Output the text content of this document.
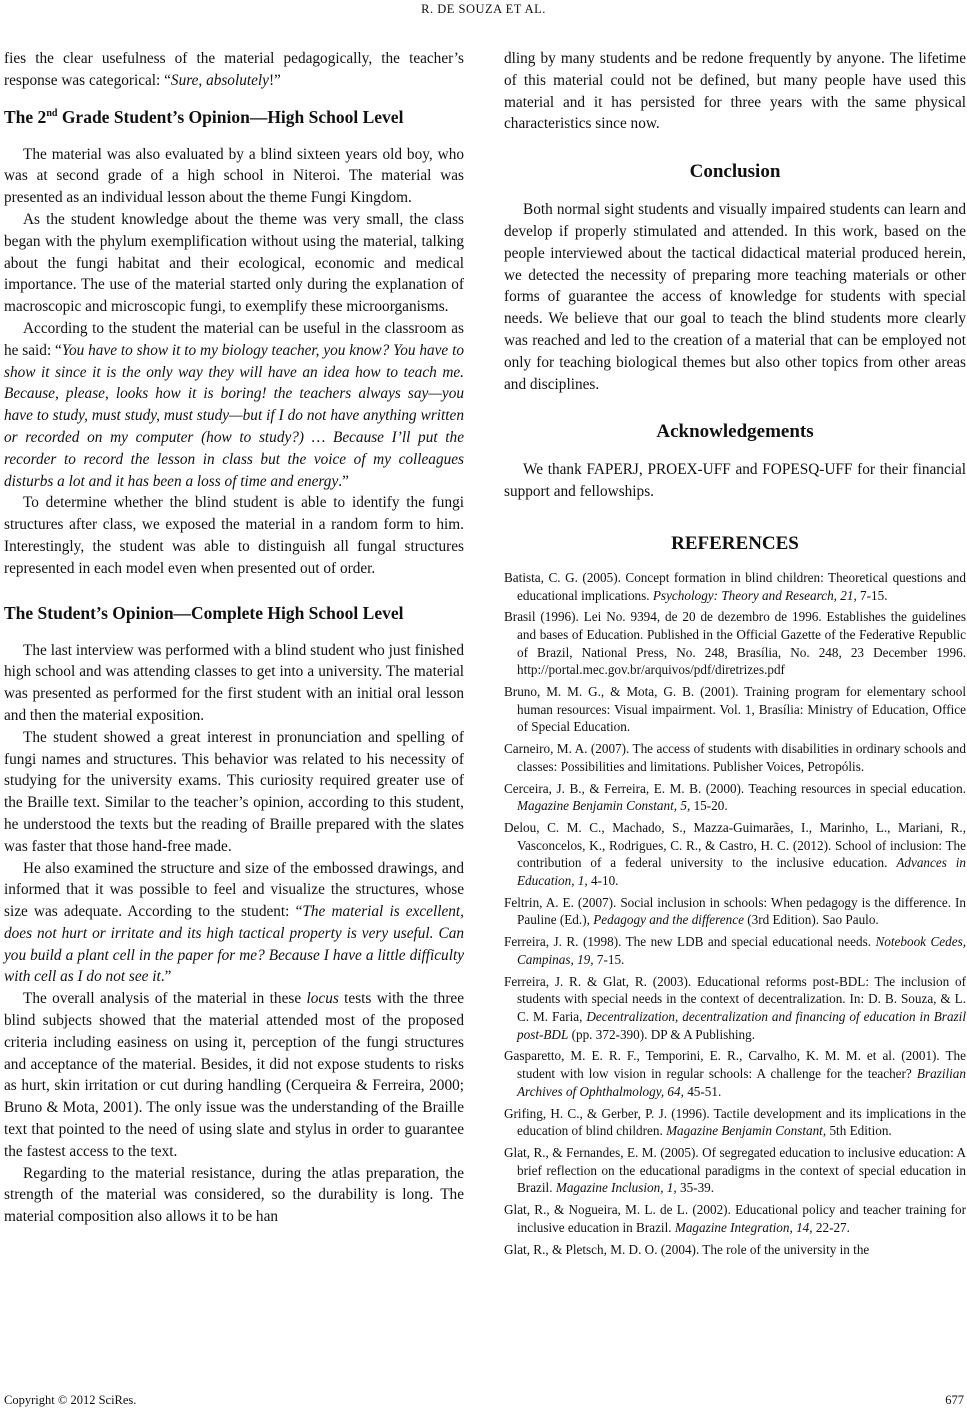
R. DE SOUZA ET AL.

fies the clear usefulness of the material pedagogically, the teacher’s response was categorical: “Sure, absolutely!”

The 2nd Grade Student’s Opinion—High School Level

The material was also evaluated by a blind sixteen years old boy, who was at second grade of a high school in Niteroi. The material was presented as an individual lesson about the theme Fungi Kingdom.

As the student knowledge about the theme was very small, the class began with the phylum exemplification without using the material, talking about the fungi habitat and their ecological, economic and medical importance. The use of the material started only during the explanation of macroscopic and microscopic fungi, to exemplify these microorganisms.

According to the student the material can be useful in the classroom as he said: “You have to show it to my biology teacher, you know? You have to show it since it is the only way they will have an idea how to teach me. Because, please, looks how it is boring! the teachers always say—you have to study, must study, must study—but if I do not have anything written or recorded on my computer (how to study?) … Because I’ll put the recorder to record the lesson in class but the voice of my colleagues disturbs a lot and it has been a loss of time and energy.”

To determine whether the blind student is able to identify the fungi structures after class, we exposed the material in a random form to him. Interestingly, the student was able to distinguish all fungal structures represented in each model even when presented out of order.

The Student’s Opinion—Complete High School Level

The last interview was performed with a blind student who just finished high school and was attending classes to get into a university. The material was presented as performed for the first student with an initial oral lesson and then the material exposition.

The student showed a great interest in pronunciation and spelling of fungi names and structures. This behavior was related to his necessity of studying for the university exams. This curiosity required greater use of the Braille text. Similar to the teacher’s opinion, according to this student, he understood the texts but the reading of Braille prepared with the slates was faster that those hand-free made.

He also examined the structure and size of the embossed drawings, and informed that it was possible to feel and visualize the structures, whose size was adequate. According to the student: “The material is excellent, does not hurt or irritate and its high tactical property is very useful. Can you build a plant cell in the paper for me? Because I have a little difficulty with cell as I do not see it.”

The overall analysis of the material in these locus tests with the three blind subjects showed that the material attended most of the proposed criteria including easiness on using it, perception of the fungi structures and acceptance of the material. Besides, it did not expose students to risks as hurt, skin irritation or cut during handling (Cerqueira & Ferreira, 2000; Bruno & Mota, 2001). The only issue was the understanding of the Braille text that pointed to the need of using slate and stylus in order to guarantee the fastest access to the text.

Regarding to the material resistance, during the atlas preparation, the strength of the material was considered, so the durability is long. The material composition also allows it to be han

dling by many students and be redone frequently by anyone. The lifetime of this material could not be defined, but many people have used this material and it has persisted for three years with the same physical characteristics since now.

Conclusion

Both normal sight students and visually impaired students can learn and develop if properly stimulated and attended. In this work, based on the people interviewed about the tactical didactical material produced herein, we detected the necessity of preparing more teaching materials or other forms of guarantee the access of knowledge for students with special needs. We believe that our goal to teach the blind students more clearly was reached and led to the creation of a material that can be employed not only for teaching biological themes but also other topics from other areas and disciplines.

Acknowledgements

We thank FAPERJ, PROEX-UFF and FOPESQ-UFF for their financial support and fellowships.

REFERENCES
Batista, C. G. (2005). Concept formation in blind children: Theoretical questions and educational implications. Psychology: Theory and Research, 21, 7-15.
Brasil (1996). Lei No. 9394, de 20 de dezembro de 1996. Establishes the guidelines and bases of Education. Published in the Official Gazette of the Federative Republic of Brazil, National Press, No. 248, Brasília, No. 248, 23 December 1996. http://portal.mec.gov.br/arquivos/pdf/diretrizes.pdf
Bruno, M. M. G., & Mota, G. B. (2001). Training program for elementary school human resources: Visual impairment. Vol. 1, Brasília: Ministry of Education, Office of Special Education.
Carneiro, M. A. (2007). The access of students with disabilities in ordinary schools and classes: Possibilities and limitations. Publisher Voices, Petropólis.
Cerceira, J. B., & Ferreira, E. M. B. (2000). Teaching resources in special education. Magazine Benjamin Constant, 5, 15-20.
Delou, C. M. C., Machado, S., Mazza-Guimarães, I., Marinho, L., Mariani, R., Vasconcelos, K., Rodrigues, C. R., & Castro, H. C. (2012). School of inclusion: The contribution of a federal university to the inclusive education. Advances in Education, 1, 4-10.
Feltrin, A. E. (2007). Social inclusion in schools: When pedagogy is the difference. In Pauline (Ed.), Pedagogy and the difference (3rd Edition). Sao Paulo.
Ferreira, J. R. (1998). The new LDB and special educational needs. Notebook Cedes, Campinas, 19, 7-15.
Ferreira, J. R. & Glat, R. (2003). Educational reforms post-BDL: The inclusion of students with special needs in the context of decentralization. In: D. B. Souza, & L. C. M. Faria, Decentralization, decentralization and financing of education in Brazil post-BDL (pp. 372-390). DP & A Publishing.
Gasparetto, M. E. R. F., Temporini, E. R., Carvalho, K. M. M. et al. (2001). The student with low vision in regular schools: A challenge for the teacher? Brazilian Archives of Ophthalmology, 64, 45-51.
Grifing, H. C., & Gerber, P. J. (1996). Tactile development and its implications in the education of blind children. Magazine Benjamin Constant, 5th Edition.
Glat, R., & Fernandes, E. M. (2005). Of segregated education to inclusive education: A brief reflection on the educational paradigms in the context of special education in Brazil. Magazine Inclusion, 1, 35-39.
Glat, R., & Nogueira, M. L. de L. (2002). Educational policy and teacher training for inclusive education in Brazil. Magazine Integration, 14, 22-27.
Glat, R., & Pletsch, M. D. O. (2004). The role of the university in the
Copyright © 2012 SciRes.	677
